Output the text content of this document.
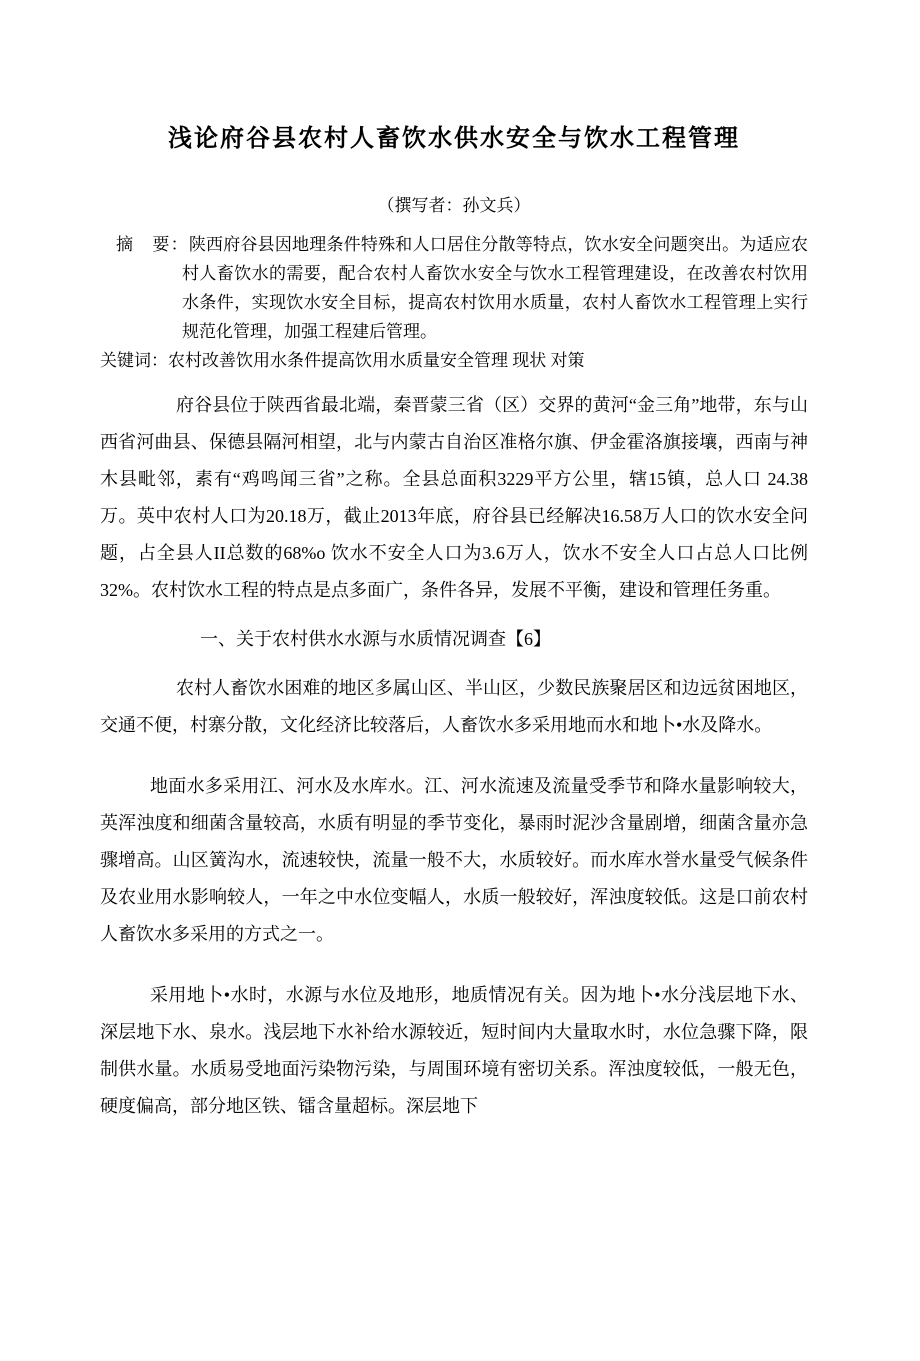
浅论府谷县农村人畜饮水供水安全与饮水工程管理

（撰写者：孙文兵）

摘　要：陕西府谷县因地理条件特殊和人口居住分散等特点，饮水安全问题突出。为适应农村人畜饮水的需要，配合农村人畜饮水安全与饮水工程管理建设，在改善农村饮用水条件，实现饮水安全目标，提高农村饮用水质量，农村人畜饮水工程管理上实行规范化管理，加强工程建后管理。

关键词：农村改善饮用水条件提高饮用水质量安全管理 现状 对策

府谷县位于陕西省最北端，秦晋蒙三省（区）交界的黄河“金三角”地带，东与山西省河曲县、保德县隔河相望，北与内蒙古自治区准格尔旗、伊金霍洛旗接壤，西南与神木县毗邻，素有“鸡鸣闻三省”之称。全县总面积3229平方公里，辖15镇，总人口 24.38万。英中农村人口为20.18万，截止2013年底，府谷县已经解决16.58万人口的饮水安全问题，占全县人II总数的68%o 饮水不安全人口为3.6万人，饮水不安全人口占总人口比例32%。农村饮水工程的特点是点多面广，条件各异，发展不平衡，建设和管理任务重。

一、关于农村供水水源与水质情况调查【6】

农村人畜饮水困难的地区多属山区、半山区，少数民族聚居区和边远贫困地区，交通不便，村寨分散，文化经济比较落后，人畜饮水多采用地而水和地卜•水及降水。

地面水多采用江、河水及水库水。江、河水流速及流量受季节和降水量影响较大，英浑浊度和细菌含量较高，水质有明显的季节变化，暴雨时泥沙含量剧增，细菌含量亦急骤增高。山区簧沟水，流速较快，流量一般不大，水质较好。而水库水誉水量受气候条件及农业用水影响较人，一年之中水位变幅人，水质一般较好，浑浊度较低。这是口前农村人畜饮水多采用的方式之一。

采用地卜•水时，水源与水位及地形，地质情况有关。因为地卜•水分浅层地下水、深层地下水、泉水。浅层地下水补给水源较近，短时间内大量取水时，水位急骤下降，限制供水量。水质易受地面污染物污染，与周围环境有密切关系。浑浊度较低，一般无色，硬度偏高，部分地区铁、镭含量超标。深层地下
